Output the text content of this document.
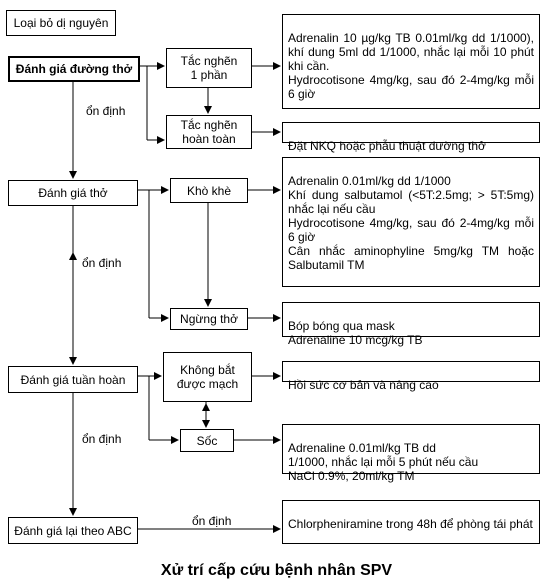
Loại bỏ dị nguyên
Đánh giá đường thở
Đánh giá thở
Đánh giá tuần hoàn
Đánh giá lại theo ABC
Tắc nghẽn
1 phần
Tắc nghẽn
hoàn toàn
Khò khè
Ngừng thở
Không bắt
được mạch
Sốc

Adrenalin 10 µg/kg TB 0.01ml/kg dd 1/1000), khí dung 5ml dd 1/1000, nhắc lại mỗi 10 phút khi cần.
Hydrocotisone 4mg/kg, sau đó 2-4mg/kg mỗi 6 giờ

Đặt NKQ hoặc phẫu thuật đường thở

Adrenalin 0.01ml/kg dd 1/1000
Khí dung salbutamol (<5T:2.5mg; > 5T:5mg) nhắc lại nếu cầu
Hydrocotisone 4mg/kg, sau đó 2-4mg/kg mỗi 6 giờ
Cân nhắc aminophyline 5mg/kg TM hoặc Salbutamil TM

Bóp bóng qua mask
Adrenaline 10 mcg/kg TB

Hồi sức cơ bản và nâng cao

Adrenaline 0.01ml/kg TB dd
1/1000, nhắc lại mỗi 5 phút nếu cầu
NaCl 0.9%, 20ml/kg TM

Chlorpheniramine trong 48h để phòng tái phát

ổn định
ổn định
ổn định
ổn định
Xử trí cấp cứu bệnh nhân SPV
